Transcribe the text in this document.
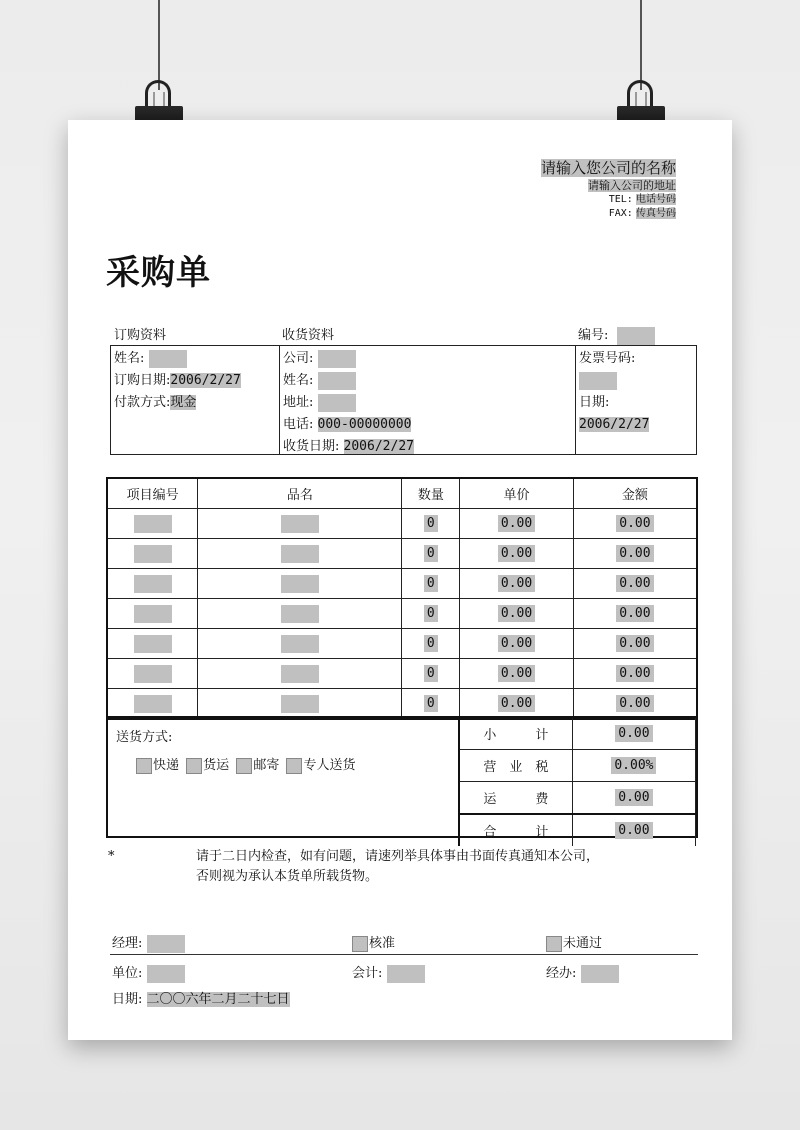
请输入您公司的名称
请输入公司的地址
TEL: 电话号码
FAX: 传真号码
采购单
订购资料	收货资料	编号:
姓名:
订购日期:2006/2/27
付款方式:现金
公司:
姓名:
地址:
电话: 000-00000000
收货日期: 2006/2/27
发票号码:
日期:
2006/2/27
项目编号	品名	数量	单价	金额
		0	0.00	0.00
		0	0.00	0.00
		0	0.00	0.00
		0	0.00	0.00
		0	0.00	0.00
		0	0.00	0.00
		0	0.00	0.00
送货方式:
快递 货运 邮寄 专人送货
小　　　计	0.00
营　业　税	0.00%
运　　　费	0.00
合　　　计	0.00
*	请于二日内检查，如有问题，请速列举具体事由书面传真通知本公司，
否则视为承认本货单所载货物。
经理:	核准	未通过
单位:	会计:	经办:
日期: 二〇〇六年二月二十七日
